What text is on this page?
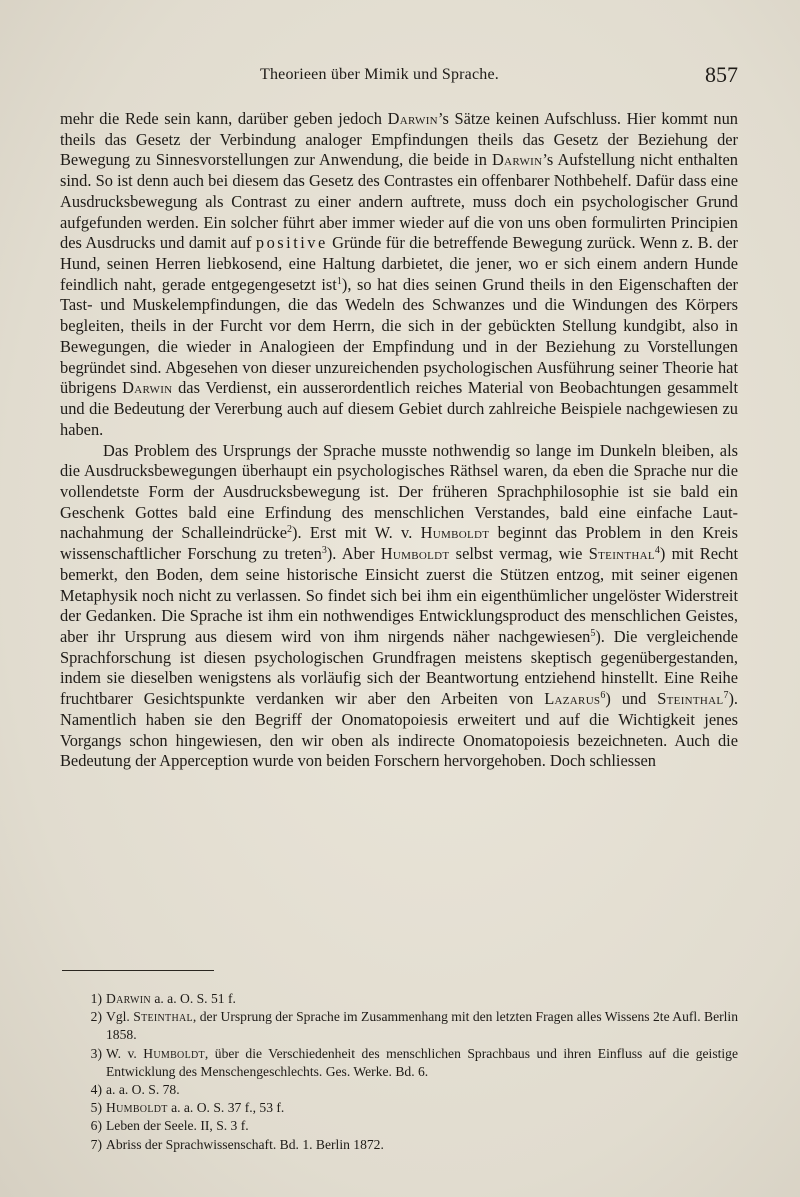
Theorieen über Mimik und Sprache.	857

mehr die Rede sein kann, darüber geben jedoch Darwin’s Sätze keinen Aufschluss. Hier kommt nun theils das Gesetz der Verbindung analoger Empfindungen theils das Gesetz der Beziehung der Bewegung zu Sinnesvorstellungen zur Anwendung, die beide in Darwin’s Aufstellung nicht enthalten sind. So ist denn auch bei diesem das Gesetz des Contrastes ein offenbarer Nothbehelf. Dafür dass eine Ausdrucksbewegung als Contrast zu einer andern auftrete, muss doch ein psychologischer Grund aufgefunden werden. Ein solcher führt aber immer wieder auf die von uns oben formulirten Principien des Ausdrucks und damit auf positive Gründe für die betreffende Bewegung zurück. Wenn z. B. der Hund, seinen Herren liebkosend, eine Haltung darbietet, die jener, wo er sich einem andern Hunde feindlich naht, gerade entgegengesetzt ist$^1$), so hat dies seinen Grund theils in den Eigenschaften der Tast- und Muskelempfindungen, die das Wedeln des Schwanzes und die Windungen des Körpers begleiten, theils in der Furcht vor dem Herrn, die sich in der gebückten Stellung kundgibt, also in Bewegungen, die wieder in Analogieen der Empfindung und in der Beziehung zu Vorstellungen begründet sind. Abgesehen von dieser unzureichenden psychologischen Ausführung seiner Theorie hat übrigens Darwin das Verdienst, ein ausserordentlich reiches Material von Beobachtungen gesammelt und die Bedeutung der Vererbung auch auf diesem Gebiet durch zahlreiche Beispiele nachgewiesen zu haben.

Das Problem des Ursprungs der Sprache musste nothwendig so lange im Dunkeln bleiben, als die Ausdrucksbewegungen überhaupt ein psychologisches Räthsel waren, da eben die Sprache nur die vollendetste Form der Ausdrucksbewegung ist. Der früheren Sprachphilosophie ist sie bald ein Geschenk Gottes bald eine Erfindung des menschlichen Verstandes, bald eine einfache Lautnachahmung der Schalleindrücke$^2$). Erst mit W. v. Humboldt beginnt das Problem in den Kreis wissenschaftlicher Forschung zu treten$^3$). Aber Humboldt selbst vermag, wie Steinthal$^4$) mit Recht bemerkt, den Boden, dem seine historische Einsicht zuerst die Stützen entzog, mit seiner eigenen Metaphysik noch nicht zu verlassen. So findet sich bei ihm ein eigenthümlicher ungelöster Widerstreit der Gedanken. Die Sprache ist ihm ein nothwendiges Entwicklungsproduct des menschlichen Geistes, aber ihr Ursprung aus diesem wird von ihm nirgends näher nachgewiesen$^5$). Die vergleichende Sprachforschung ist diesen psychologischen Grundfragen meistens skeptisch gegenübergestanden, indem sie dieselben wenigstens als vorläufig sich der Beantwortung entziehend hinstellt. Eine Reihe fruchtbarer Gesichtspunkte verdanken wir aber den Arbeiten von Lazarus$^6$) und Steinthal$^7$). Namentlich haben sie den Begriff der Onomatopoiesis erweitert und auf die Wichtigkeit jenes Vorgangs schon hingewiesen, den wir oben als indirecte Onomatopoiesis bezeichneten. Auch die Bedeutung der Apperception wurde von beiden Forschern hervorgehoben. Doch schliessen

1) Darwin a. a. O. S. 51 f.

2) Vgl. Steinthal, der Ursprung der Sprache im Zusammenhang mit den letzten Fragen alles Wissens 2te Aufl. Berlin 1858.

3) W. v. Humboldt, über die Verschiedenheit des menschlichen Sprachbaus und ihren Einfluss auf die geistige Entwicklung des Menschengeschlechts. Ges. Werke. Bd. 6.

4) a. a. O. S. 78.

5) Humboldt a. a. O. S. 37 f., 53 f.

6) Leben der Seele. II, S. 3 f.

7) Abriss der Sprachwissenschaft. Bd. 1. Berlin 1872.
